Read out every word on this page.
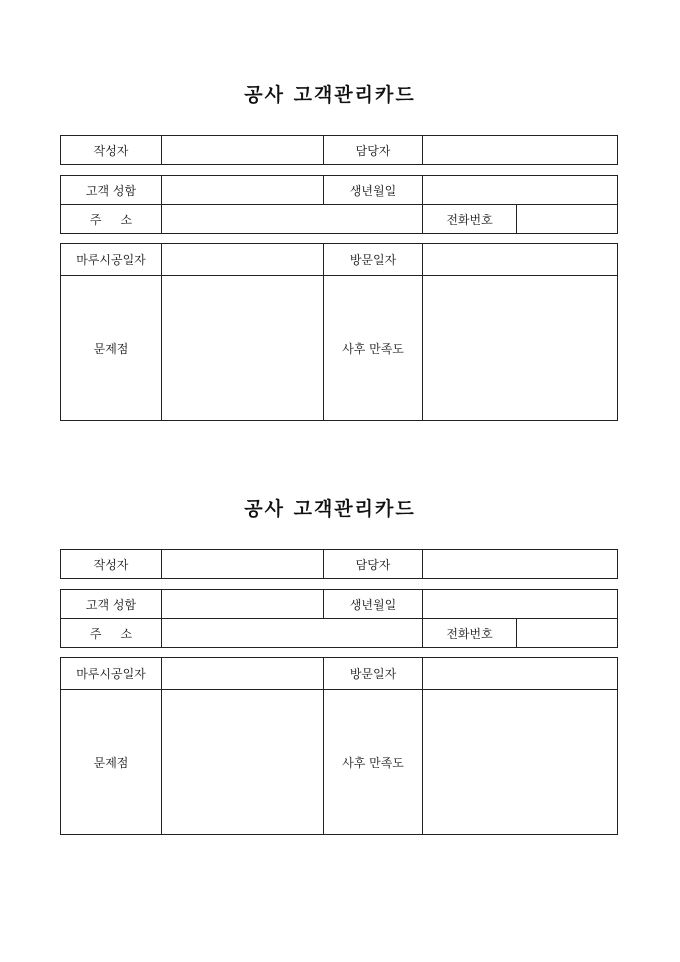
공사 고객관리카드
작성자		담당자	
고객 성함		생년월일		
주     소			전화번호	
마루시공일자		방문일자	
문제점		사후 만족도	
공사 고객관리카드
작성자		담당자	
고객 성함		생년월일		
주     소			전화번호	
마루시공일자		방문일자	
문제점		사후 만족도	
